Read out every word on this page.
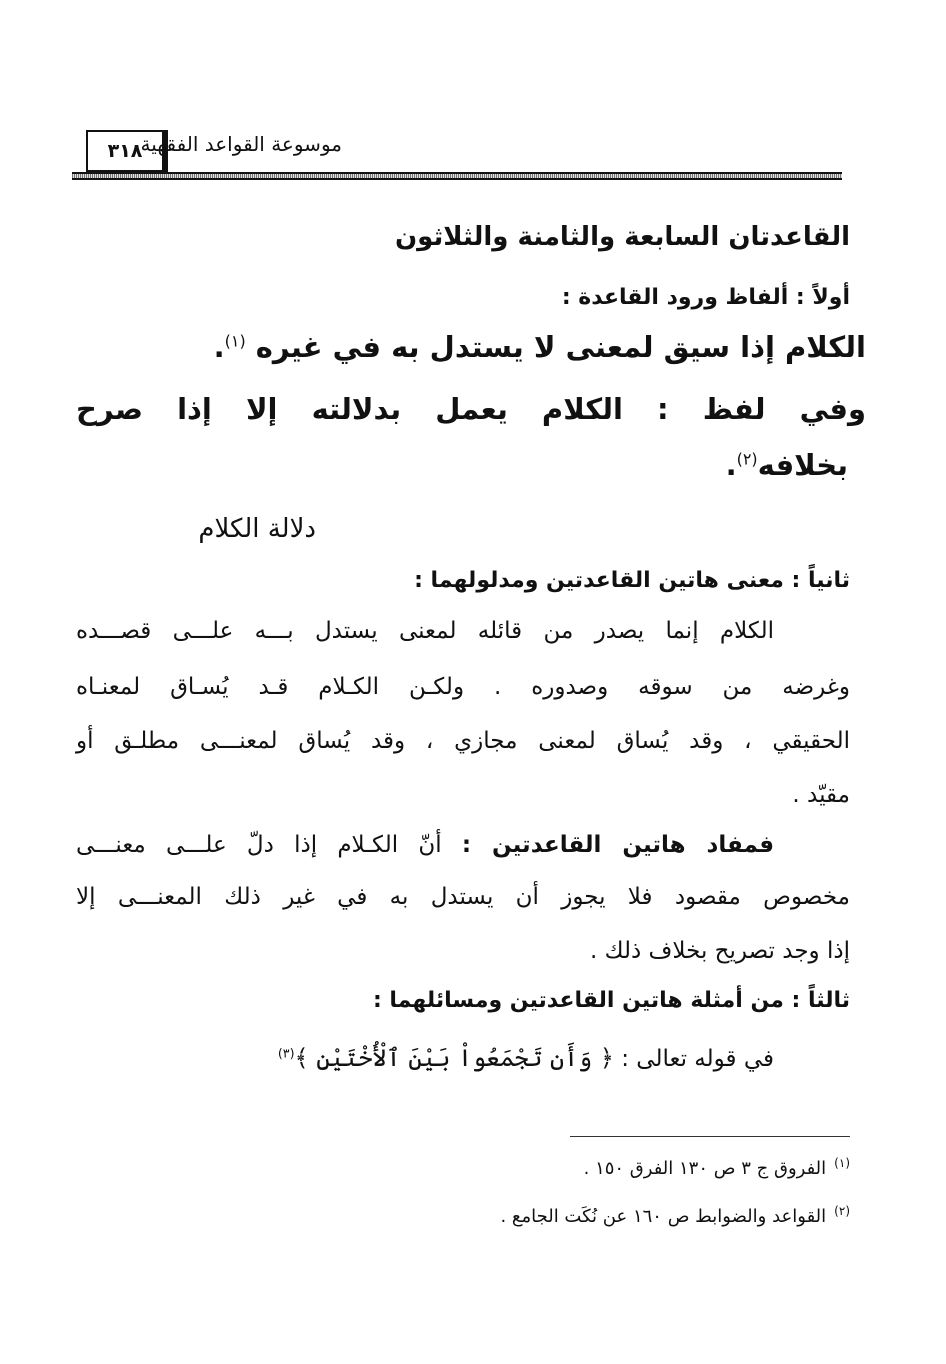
٣١٨
موسوعة القواعد الفقهية
القاعدتان السابعة والثامنة والثلاثون
أولاً : ألفاظ ورود القاعدة :
الكلام إذا سيق لمعنى لا يستدل به في غيره $^{(١)}$.
وفي لفظ : الكلام يعمل بدلالته إلا إذا صرح
بخلافه$^{(٢)}$.
دلالة الكلام
ثانياً : معنى هاتين القاعدتين ومدلولهما :
الكلام إنما يصدر من قائله لمعنى يستدل بـــه علـــى قصـــده
وغرضه من سوقه وصدوره . ولكـن الكـلام قـد يُسـاق لمعنـاه
الحقيقي ، وقد يُساق لمعنى مجازي ، وقد يُساق لمعنـــى مطلـق أو
مقيّد .
فمفاد هاتين القاعدتين : أنّ الكـلام إذا دلّ علـــى معنـــى
مخصوص مقصود فلا يجوز أن يستدل به في غير ذلك المعنـــى إلا
إذا وجد تصريح بخلاف ذلك .
ثالثاً : من أمثلة هاتين القاعدتين ومسائلهما :
في قوله تعالى : ﴿ وَأَن تَجْمَعُواْ بَيْنَ ٱلْأُخْتَيْنِ ﴾$^{(٣)}$
$^{(١)}$الفروق ج ٣ ص ١٣٠ الفرق ١٥٠ .
$^{(٢)}$القواعد والضوابط ص ١٦٠ عن نُكَت الجامع .
